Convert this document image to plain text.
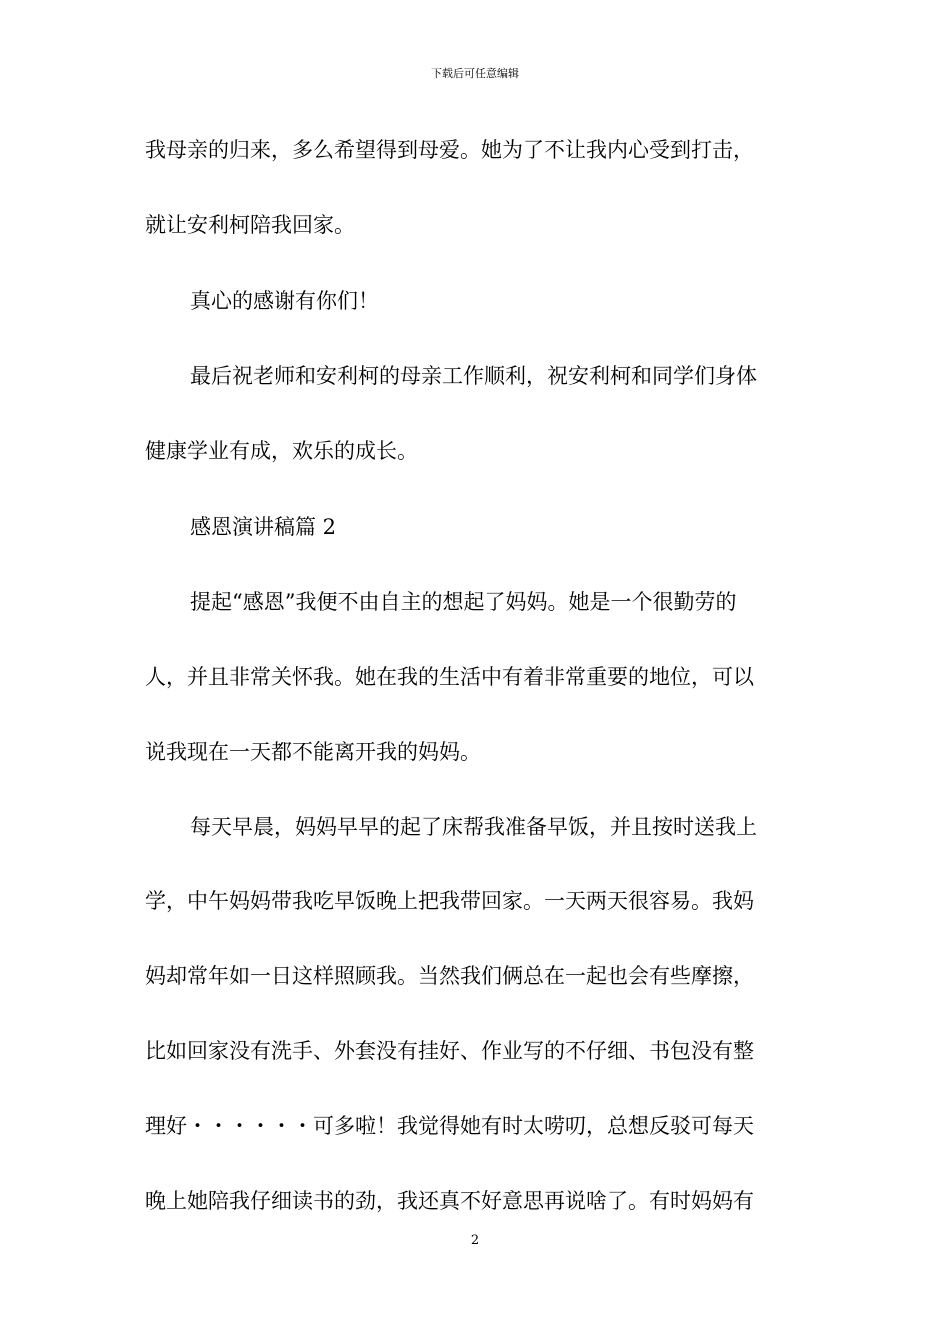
下载后可任意编辑
我母亲的归来，多么希望得到母爱。她为了不让我内心受到打击，
就让安利柯陪我回家。
真心的感谢有你们！
最后祝老师和安利柯的母亲工作顺利，祝安利柯和同学们身体
健康学业有成，欢乐的成长。
感恩演讲稿篇 2
提起“感恩”我便不由自主的想起了妈妈。她是一个很勤劳的
人，并且非常关怀我。她在我的生活中有着非常重要的地位，可以
说我现在一天都不能离开我的妈妈。
每天早晨，妈妈早早的起了床帮我准备早饭，并且按时送我上
学，中午妈妈带我吃早饭晚上把我带回家。一天两天很容易。我妈
妈却常年如一日这样照顾我。当然我们俩总在一起也会有些摩擦，
比如回家没有洗手、外套没有挂好、作业写的不仔细、书包没有整
理好・・・・・・可多啦！我觉得她有时太唠叨，总想反驳可每天
晚上她陪我仔细读书的劲，我还真不好意思再说啥了。有时妈妈有
2
